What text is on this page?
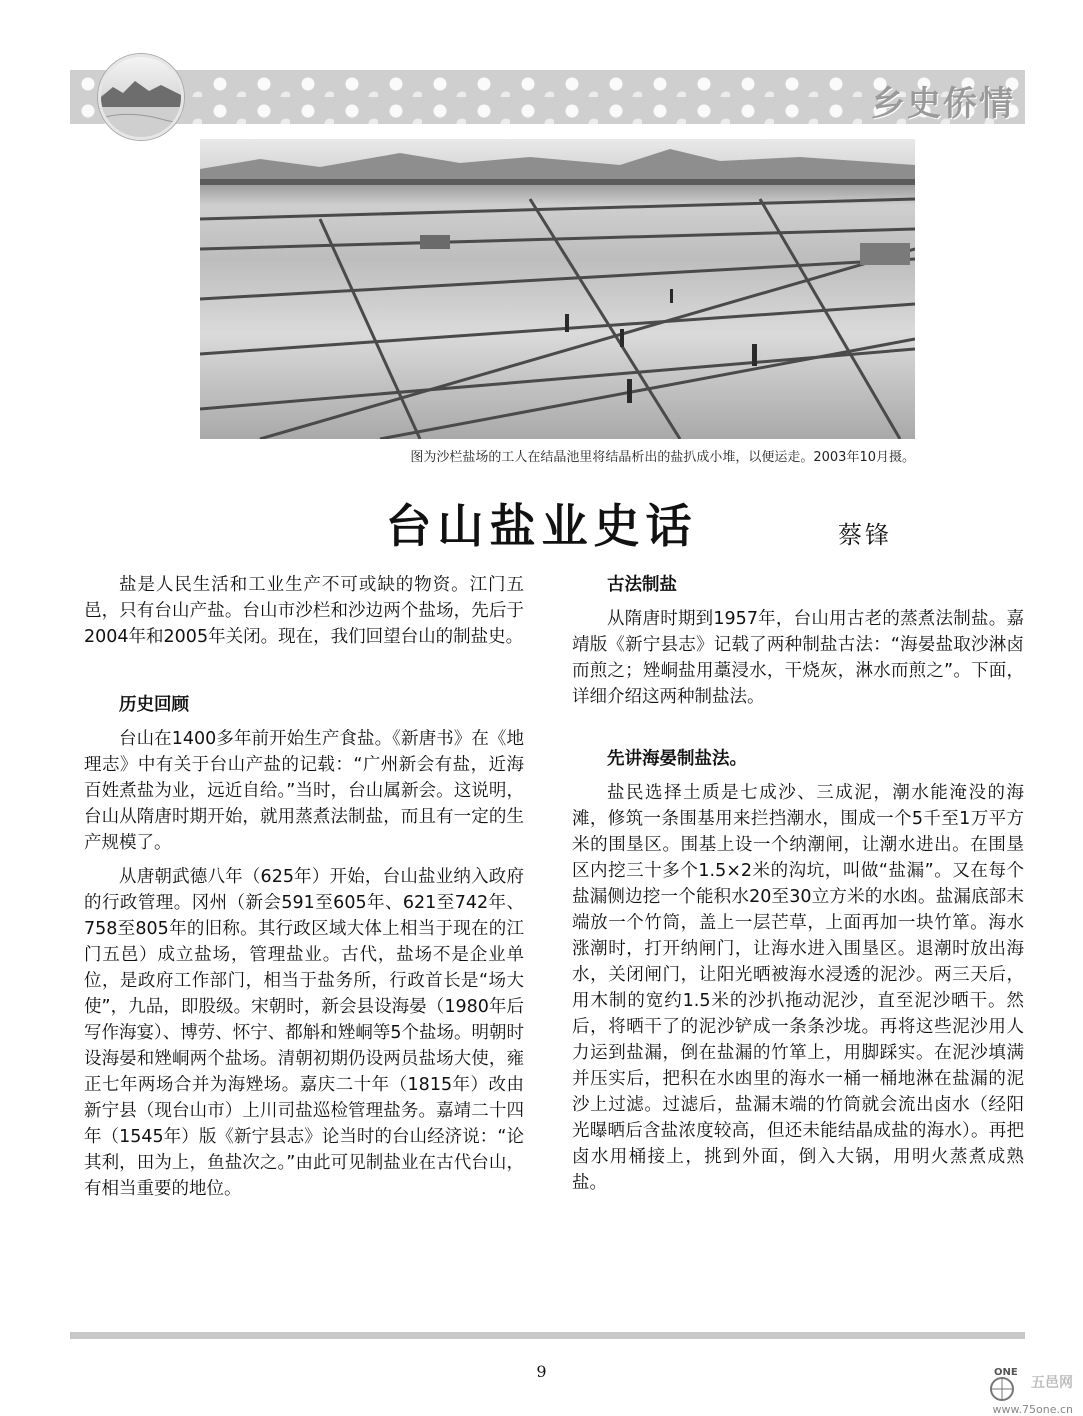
乡史侨情
图为沙栏盐场的工人在结晶池里将结晶析出的盐扒成小堆，以便运走。2003年10月摄。
台山盐业史话	蔡锋

盐是人民生活和工业生产不可或缺的物资。江门五邑，只有台山产盐。台山市沙栏和沙边两个盐场，先后于2004年和2005年关闭。现在，我们回望台山的制盐史。

历史回顾

台山在1400多年前开始生产食盐。《新唐书》在《地理志》中有关于台山产盐的记载：“广州新会有盐，近海百姓煮盐为业，远近自给。”当时，台山属新会。这说明，台山从隋唐时期开始，就用蒸煮法制盐，而且有一定的生产规模了。

从唐朝武德八年（625年）开始，台山盐业纳入政府的行政管理。冈州（新会591至605年、621至742年、758至805年的旧称。其行政区域大体上相当于现在的江门五邑）成立盐场，管理盐业。古代，盐场不是企业单位，是政府工作部门，相当于盐务所，行政首长是“场大使”，九品，即股级。宋朝时，新会县设海晏（1980年后写作海宴）、博劳、怀宁、都斛和矬峒等5个盐场。明朝时设海晏和矬峒两个盐场。清朝初期仍设两员盐场大使，雍正七年两场合并为海矬场。嘉庆二十年（1815年）改由新宁县（现台山市）上川司盐巡检管理盐务。嘉靖二十四年（1545年）版《新宁县志》论当时的台山经济说：“论其利，田为上，鱼盐次之。”由此可见制盐业在古代台山，有相当重要的地位。

古法制盐

从隋唐时期到1957年，台山用古老的蒸煮法制盐。嘉靖版《新宁县志》记载了两种制盐古法：“海晏盐取沙淋卤而煎之；矬峒盐用藁浸水，干烧灰，淋水而煎之”。下面，详细介绍这两种制盐法。

先讲海晏制盐法。

盐民选择土质是七成沙、三成泥，潮水能淹没的海滩，修筑一条围基用来拦挡潮水，围成一个5千至1万平方米的围垦区。围基上设一个纳潮闸，让潮水进出。在围垦区内挖三十多个1.5×2米的沟坑，叫做“盐漏”。又在每个盐漏侧边挖一个能积水20至30立方米的水凼。盐漏底部末端放一个竹筒，盖上一层芒草，上面再加一块竹箪。海水涨潮时，打开纳闸门，让海水进入围垦区。退潮时放出海水，关闭闸门，让阳光晒被海水浸透的泥沙。两三天后，用木制的宽约1.5米的沙扒拖动泥沙，直至泥沙晒干。然后，将晒干了的泥沙铲成一条条沙垅。再将这些泥沙用人力运到盐漏，倒在盐漏的竹箪上，用脚踩实。在泥沙填满并压实后，把积在水凼里的海水一桶一桶地淋在盐漏的泥沙上过滤。过滤后，盐漏末端的竹筒就会流出卤水（经阳光曝晒后含盐浓度较高，但还未能结晶成盐的海水）。再把卤水用桶接上，挑到外面，倒入大锅，用明火蒸煮成熟盐。

9	ONE
五邑网
www.75one.cn
